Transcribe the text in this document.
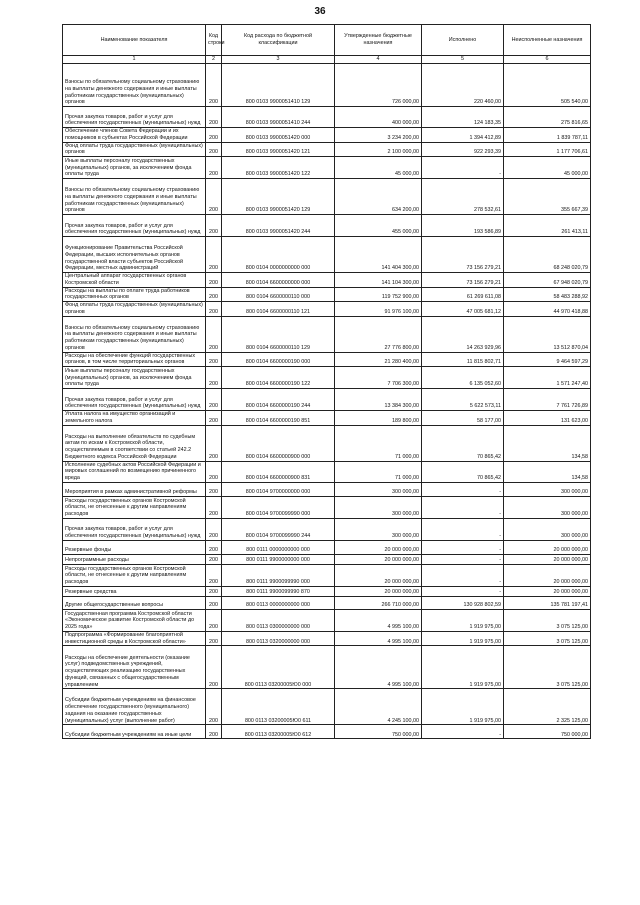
36
Наименование показателя	Код строки	Код расхода по бюджетной классификации	Утвержденные бюджетные назначения	Исполнено	Неисполненные назначения
1	2	3	4	5	6
Взносы по обязательному социальному страхованию на выплаты денежного содержания и иные выплаты работникам государственных (муниципальных) органов	200	800 0103 9900051410 129	726 000,00	220 460,00	505 540,00
Прочая закупка товаров, работ и услуг для обеспечения государственных (муниципальных) нужд	200	800 0103 9900051410 244	400 000,00	124 183,35	275 816,65
Обеспечение членов Совета Федерации и их помощников в субъектах Российской Федерации	200	800 0103 9900051420 000	3 234 200,00	1 394 412,89	1 839 787,11
Фонд оплаты труда государственных (муниципальных) органов	200	800 0103 9900051420 121	2 100 000,00	922 293,39	1 177 706,61
Иные выплаты персоналу государственных (муниципальных) органов, за исключением фонда оплаты труда	200	800 0103 9900051420 122	45 000,00	-	45 000,00
Взносы по обязательному социальному страхованию на выплаты денежного содержания и иные выплаты работникам государственных (муниципальных) органов	200	800 0103 9900051420 129	634 200,00	278 532,61	355 667,39
Прочая закупка товаров, работ и услуг для обеспечения государственных (муниципальных) нужд	200	800 0103 9900051420 244	455 000,00	193 586,89	261 413,11
Функционирование Правительства Российской Федерации, высших исполнительных органов государственной власти субъектов Российской Федерации, местных администраций	200	800 0104 0000000000 000	141 404 300,00	73 156 279,21	68 248 020,79
Центральный аппарат государственных органов Костромской области	200	800 0104 6600000000 000	141 104 300,00	73 156 279,21	67 948 020,79
Расходы на выплаты по оплате труда работников государственных органов	200	800 0104 6600000110 000	119 752 900,00	61 269 611,08	58 483 288,92
Фонд оплаты труда государственных (муниципальных) органов	200	800 0104 6600000110 121	91 976 100,00	47 005 681,12	44 970 418,88
Взносы по обязательному социальному страхованию на выплаты денежного содержания и иные выплаты работникам государственных (муниципальных) органов	200	800 0104 6600000110 129	27 776 800,00	14 263 929,96	13 512 870,04
Расходы на обеспечение функций государственных органов, в том числе территориальных органов	200	800 0104 6600000190 000	21 280 400,00	11 815 802,71	9 464 597,29
Иные выплаты персоналу государственных (муниципальных) органов, за исключением фонда оплаты труда	200	800 0104 6600000190 122	7 706 300,00	6 135 052,60	1 571 247,40
Прочая закупка товаров, работ и услуг для обеспечения государственных (муниципальных) нужд	200	800 0104 6600000190 244	13 384 300,00	5 622 573,11	7 761 726,89
Уплата налога на имущество организаций и земельного налога	200	800 0104 6600000190 851	189 800,00	58 177,00	131 623,00
Расходы на выполнение обязательств по судебным актам по искам к Костромской области, осуществляемым в соответствии со статьей 242.2 Бюджетного кодекса Российской Федерации	200	800 0104 6600000900 000	71 000,00	70 865,42	134,58
Исполнение судебных актов Российской Федерации и мировых соглашений по возмещению причиненного вреда	200	800 0104 6600000900 831	71 000,00	70 865,42	134,58
Мероприятия в рамках административной реформы	200	800 0104 9700000000 000	300 000,00	-	300 000,00
Расходы государственных органов Костромской области, не отнесенные к другим направлениям расходов	200	800 0104 9700099990 000	300 000,00	-	300 000,00
Прочая закупка товаров, работ и услуг для обеспечения государственных (муниципальных) нужд	200	800 0104 9700099990 244	300 000,00	-	300 000,00
Резервные фонды	200	800 0111 0000000000 000	20 000 000,00	-	20 000 000,00
Непрограммные расходы	200	800 0111 9900000000 000	20 000 000,00	-	20 000 000,00
Расходы государственных органов Костромской области, не отнесенные к другим направлениям расходов	200	800 0111 9900099990 000	20 000 000,00	-	20 000 000,00
Резервные средства	200	800 0111 9900099990 870	20 000 000,00	-	20 000 000,00
Другие общегосударственные вопросы	200	800 0113 0000000000 000	266 710 000,00	130 928 802,59	135 781 197,41
Государственная программа Костромской области «Экономическое развитие Костромской области до 2025 года»	200	800 0113 0300000000 000	4 995 100,00	1 919 975,00	3 075 125,00
Подпрограмма «Формирование благоприятной инвестиционной среды в Костромской области»	200	800 0113 0320000000 000	4 995 100,00	1 919 975,00	3 075 125,00
Расходы на обеспечение деятельности (оказание услуг) подведомственных учреждений, осуществляющих реализацию государственных функций, связанных с общегосударственным управлением	200	800 0113 03200005Ю0 000	4 995 100,00	1 919 975,00	3 075 125,00
Субсидии бюджетным учреждениям на финансовое обеспечение государственного (муниципального) задания на оказание государственных (муниципальных) услуг (выполнение работ)	200	800 0113 03200005Ю0 611	4 245 100,00	1 919 975,00	2 325 125,00
Субсидии бюджетным учреждениям на иные цели	200	800 0113 03200005Ю0 612	750 000,00	-	750 000,00
